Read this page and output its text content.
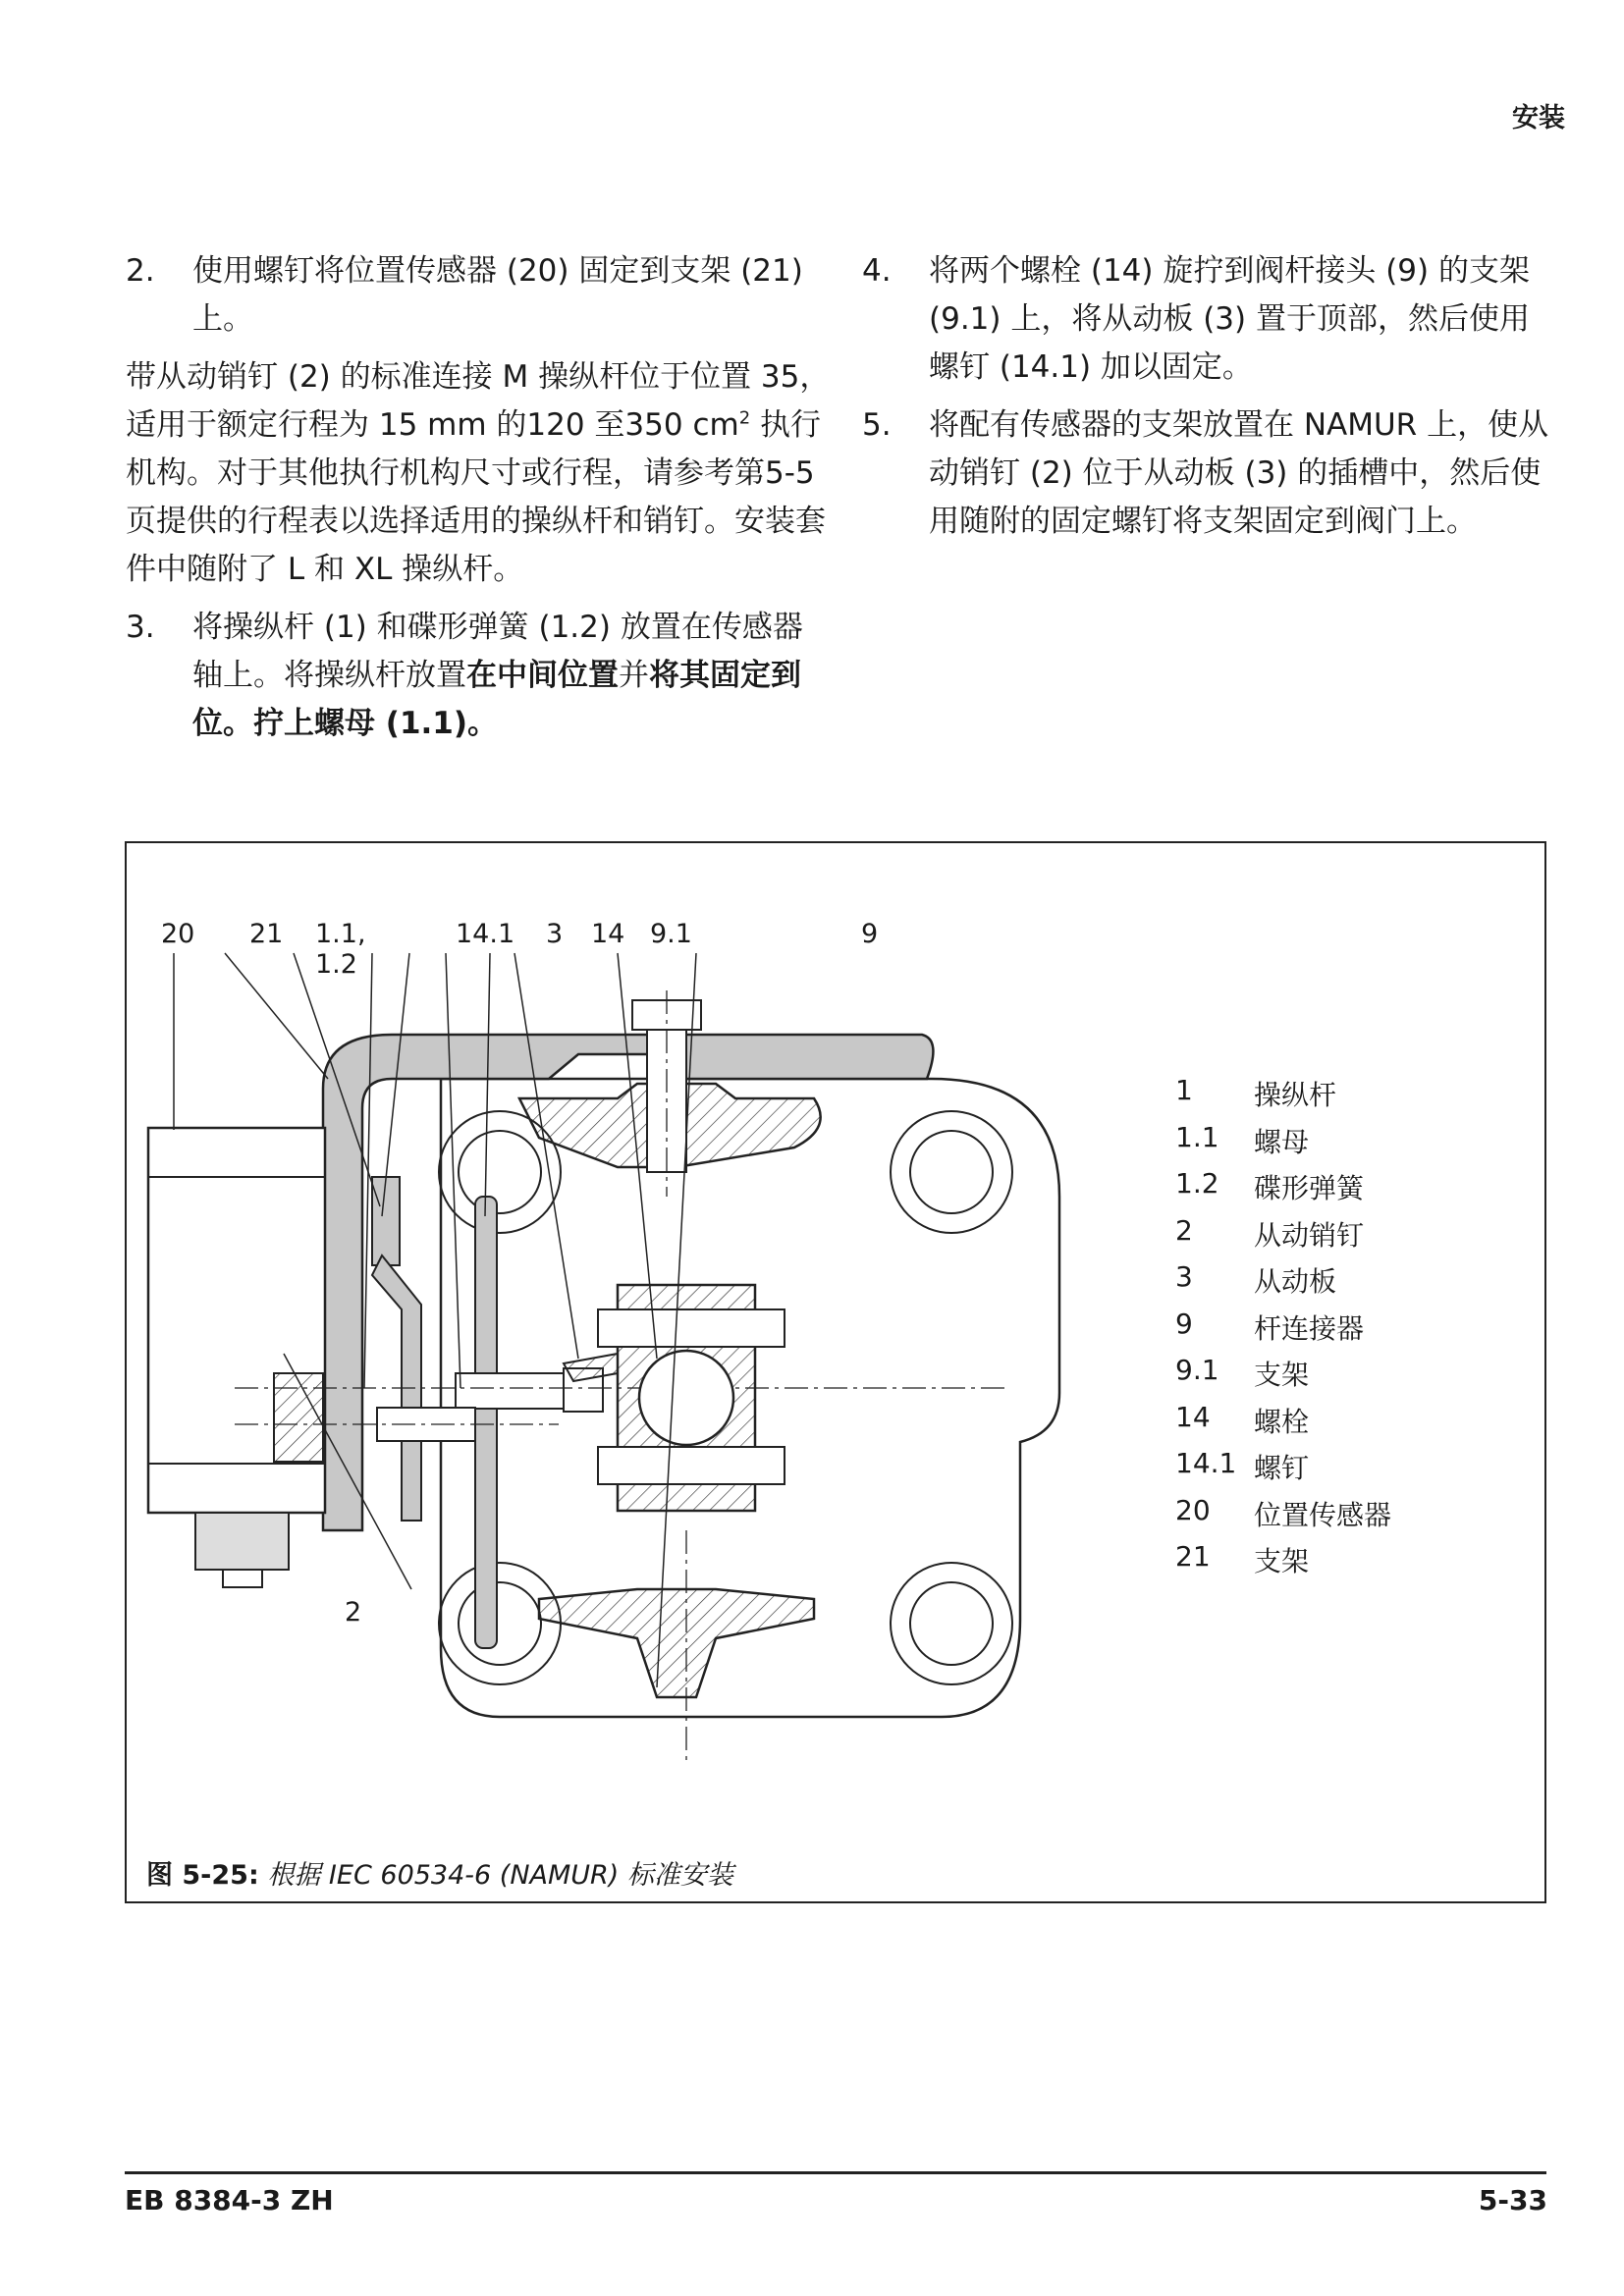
安装
2. 使用螺钉将位置传感器 (20) 固定到支架 (21) 上。
带从动销钉 (2) 的标准连接 M 操纵杆位于位置 35，适用于额定行程为 15 mm 的120 至350 $cm^2$ 执行机构。对于其他执行机构尺寸或行程，请参考第5-5页提供的行程表以选择适用的操纵杆和销钉。安装套件中随附了 L 和 XL 操纵杆。
3. 将操纵杆 (1) 和碟形弹簧 (1.2) 放置在传感器轴上。将操纵杆放置在中间位置并将其固定到位。拧上螺母 (1.1)。
4. 将两个螺栓 (14) 旋拧到阀杆接头 (9) 的支架 (9.1) 上，将从动板 (3) 置于顶部，然后使用螺钉 (14.1) 加以固定。
5. 将配有传感器的支架放置在 NAMUR 上，使从动销钉 (2) 位于从动板 (3) 的插槽中，然后使用随附的固定螺钉将支架固定到阀门上。
20 21 1.1, 1.2
14.1 3 14 9.1	9
2
1 操纵杆
1.1 螺母
1.2 碟形弹簧
2 从动销钉
3 从动板
9 杆连接器
9.1 支架
14 螺栓
14.1 螺钉
20 位置传感器
21 支架
图 5-25: 根据 IEC 60534-6 (NAMUR) 标准安装
EB 8384-3 ZH	5-33
